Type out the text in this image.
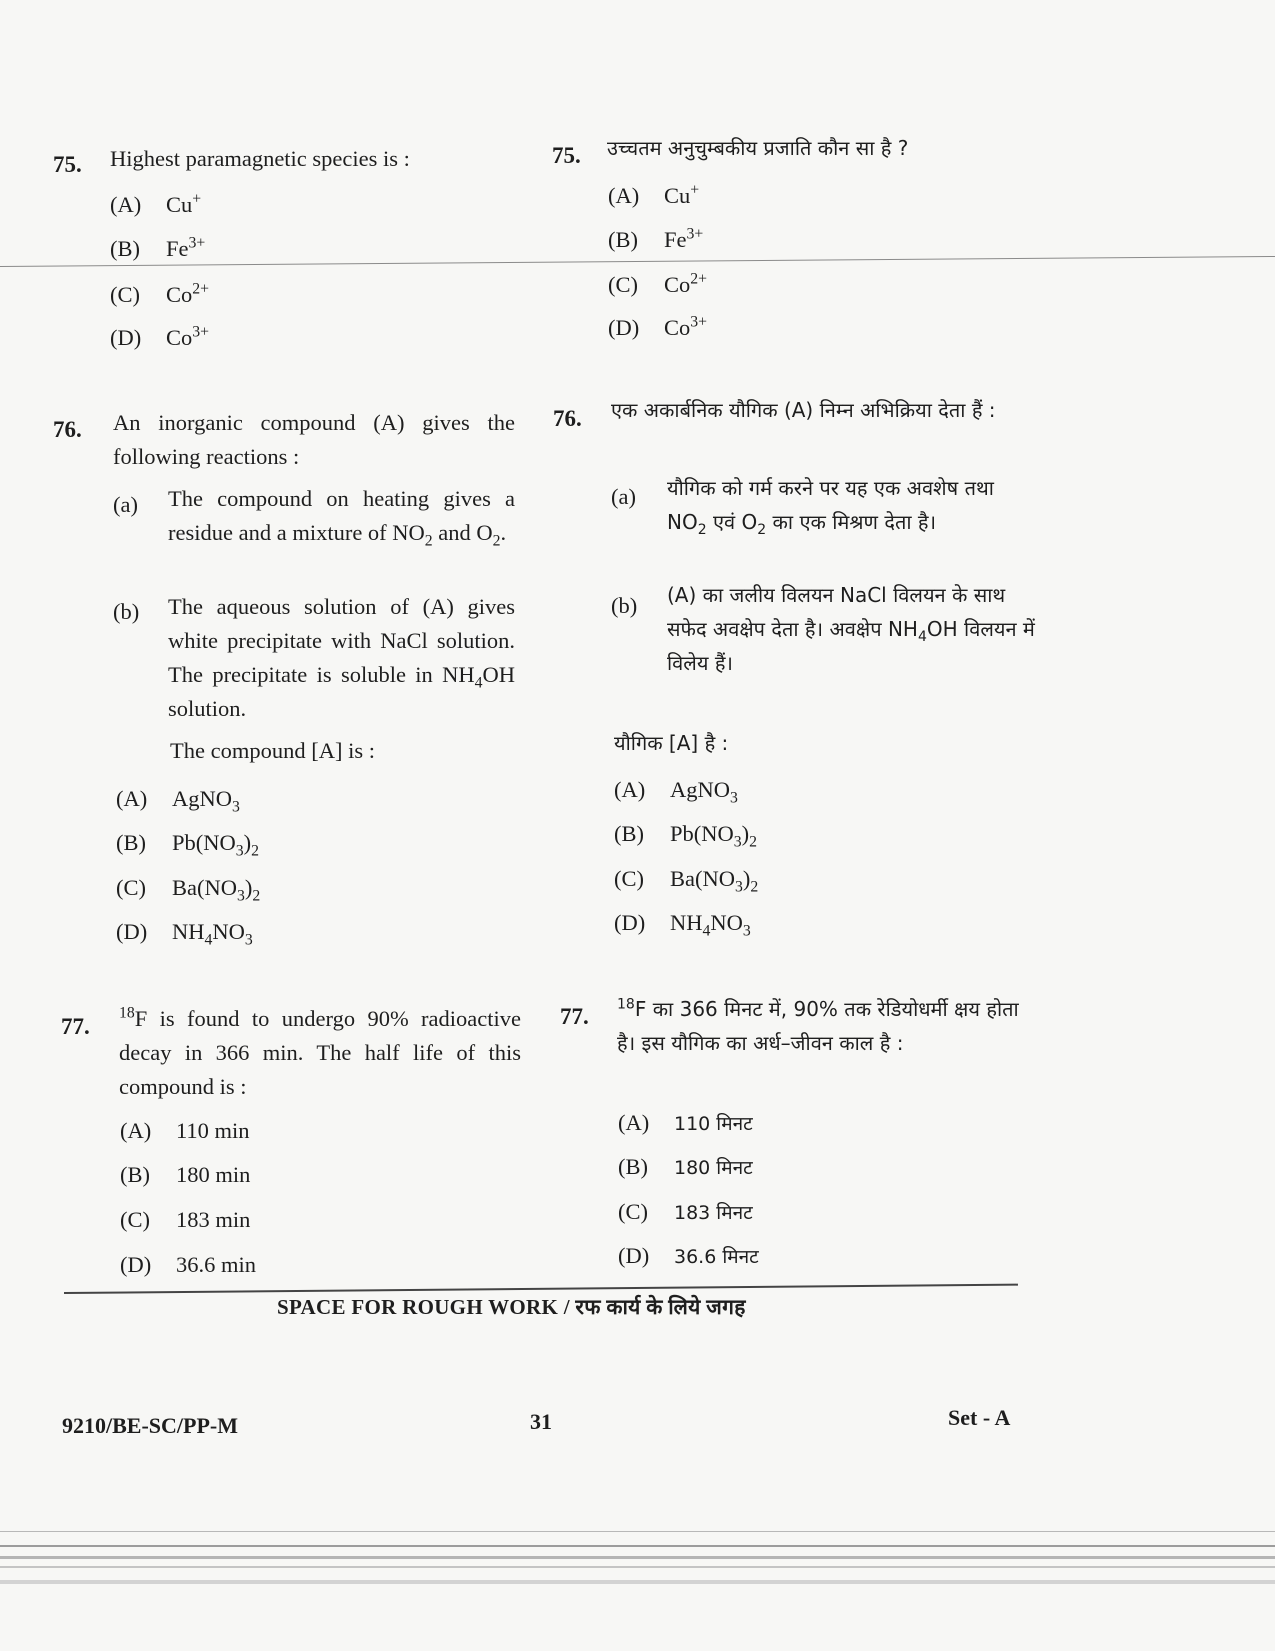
75. Highest paramagnetic species is :
(A) Cu+
(B) $Fe^{3+}$
(C) $Co^{2+}$
(D) $Co^{3+}$
75. उच्चतम अनुचुम्बकीय प्रजाति कौन सा है ?
(A) Cu+
(B) $Fe^{3+}$
(C) $Co^{2+}$
(D) $Co^{3+}$
76. An inorganic compound (A) gives the following reactions :
(a) The compound on heating gives a residue and a mixture of $NO_2$ and $O_2$.
(b) The aqueous solution of (A) gives white precipitate with NaCl solution. The precipitate is soluble in $NH_4OH$ solution.
The compound [A] is :
(A) AgNO$_3$
(B) $Pb(NO_3)_2$
(C) $Ba(NO_3)_2$
(D) $NH_4NO_3$
76. एक अकार्बनिक यौगिक (A) निम्न अभिक्रिया देता हैं :
(a) यौगिक को गर्म करने पर यह एक अवशेष तथा $NO_2$ एवं $O_2$ का एक मिश्रण देता है।
(b) (A) का जलीय विलयन NaCl विलयन के साथ सफेद अवक्षेप देता है। अवक्षेप $NH_4OH$ विलयन में विलेय हैं।
यौगिक [A] है :
(A) AgNO$_3$
(B) $Pb(NO_3)_2$
(C) $Ba(NO_3)_2$
(D) $NH_4NO_3$
77.
$^{18}$F is found to undergo 90% radioactive decay in 366 min. The half life of this compound is :
(A) 110 min
(B) 180 min
(C) 183 min
(D) 36.6 min
77. $^{18}$F का 366 मिनट में, 90% तक रेडियोधर्मी क्षय होता है। इस यौगिक का अर्ध–जीवन काल है :
(A) 110 मिनट
(B) 180 मिनट
(C) 183 मिनट
(D) 36.6 मिनट
SPACE FOR ROUGH WORK / रफ कार्य के लिये जगह
9210/BE-SC/PP-M	31	Set - A
